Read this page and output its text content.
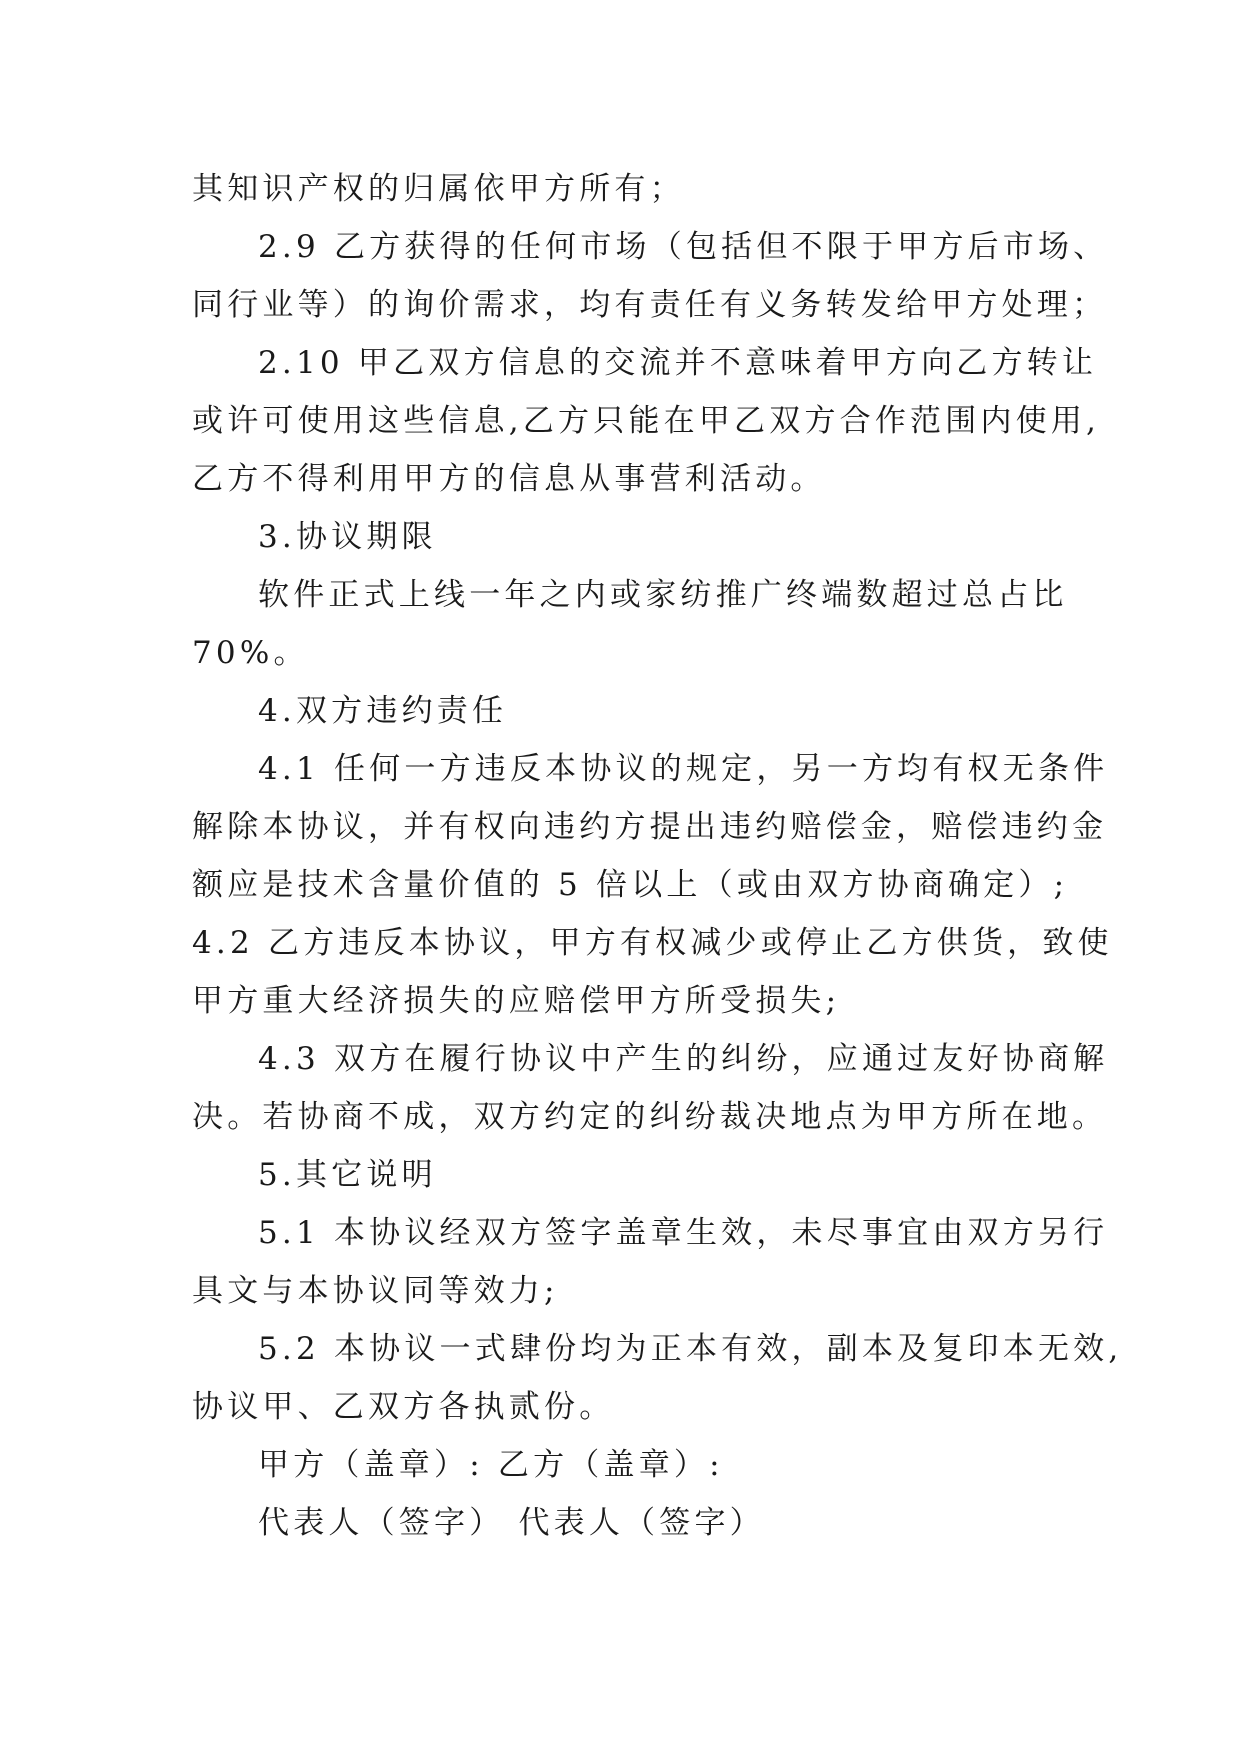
其知识产权的归属依甲方所有；
2.9 乙方获得的任何市场（包括但不限于甲方后市场、
同行业等）的询价需求，均有责任有义务转发给甲方处理；
2.10 甲乙双方信息的交流并不意味着甲方向乙方转让
或许可使用这些信息,乙方只能在甲乙双方合作范围内使用,
乙方不得利用甲方的信息从事营利活动。
3.协议期限
软件正式上线一年之内或家纺推广终端数超过总占比
70%。
4.双方违约责任
4.1 任何一方违反本协议的规定，另一方均有权无条件
解除本协议，并有权向违约方提出违约赔偿金，赔偿违约金
额应是技术含量价值的 5 倍以上（或由双方协商确定）;
4.2 乙方违反本协议，甲方有权减少或停止乙方供货，致使
甲方重大经济损失的应赔偿甲方所受损失;
4.3 双方在履行协议中产生的纠纷，应通过友好协商解
决。若协商不成，双方约定的纠纷裁决地点为甲方所在地。
5.其它说明
5.1 本协议经双方签字盖章生效，未尽事宜由双方另行
具文与本协议同等效力;
5.2 本协议一式肆份均为正本有效，副本及复印本无效,
协议甲、乙双方各执贰份。
甲方（盖章）: 乙方（盖章）:
代表人（签字） 代表人（签字）
